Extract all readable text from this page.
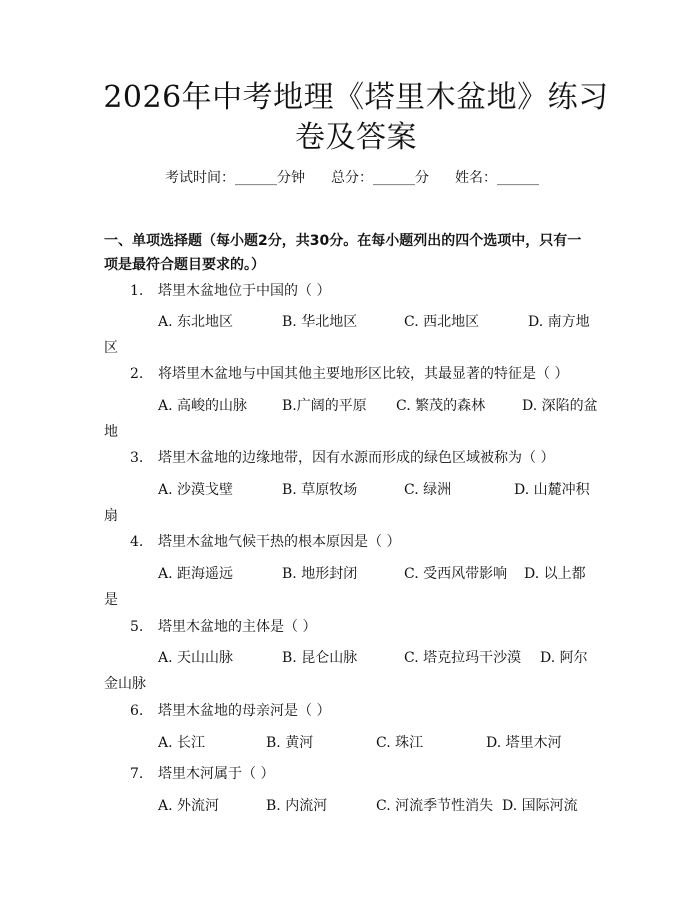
2026年中考地理《塔里木盆地》练习卷及答案
考试时间：______分钟 总分：______分 姓名：______
一、单项选择题（每小题2分，共30分。在每小题列出的四个选项中，只有一项是最符合题目要求的。）
1. 塔里木盆地位于中国的（ ）
A. 东北地区	B. 华北地区	C. 西北地区	D. 南方地
区
2. 将塔里木盆地与中国其他主要地形区比较，其最显著的特征是（ ）
A. 高峻的山脉 B.广阔的平原 C. 繁茂的森林	D. 深陷的盆
地
3. 塔里木盆地的边缘地带，因有水源而形成的绿色区域被称为（ ）
A. 沙漠戈壁	B. 草原牧场	C. 绿洲	D. 山麓冲积
扇
4. 塔里木盆地气候干热的根本原因是（ ）
A. 距海遥远	B. 地形封闭	C. 受西风带影响 D. 以上都
是
5. 塔里木盆地的主体是（ ）
A. 天山山脉	B. 昆仑山脉	C. 塔克拉玛干沙漠 D. 阿尔
金山脉
6. 塔里木盆地的母亲河是（ ）
A. 长江	B. 黄河	C. 珠江	D. 塔里木河
7. 塔里木河属于（ ）
A. 外流河	B. 内流河	C. 河流季节性消失 D. 国际河流
